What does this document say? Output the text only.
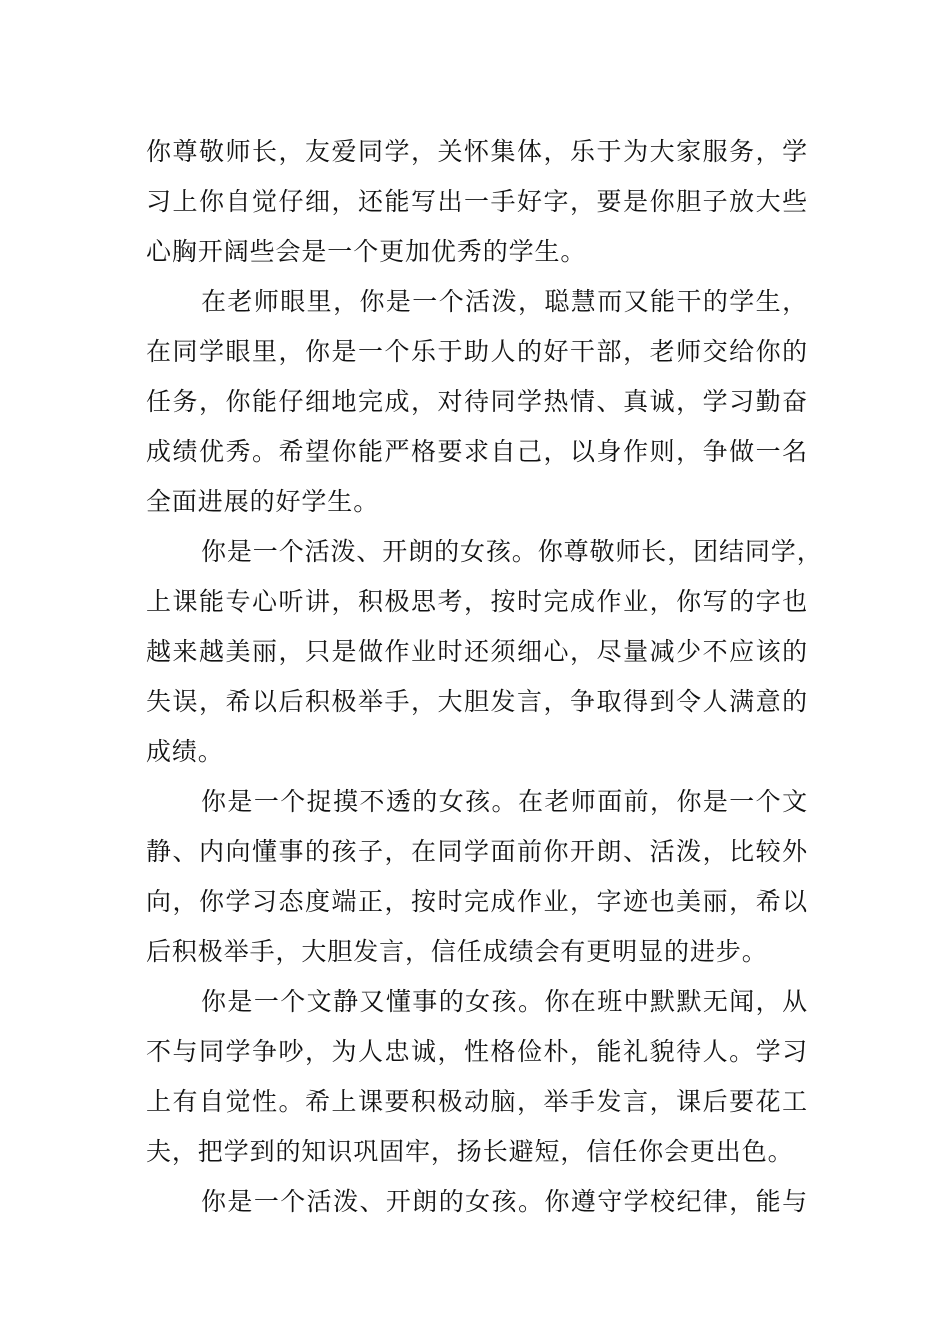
你尊敬师长，友爱同学，关怀集体，乐于为大家服务，学
习上你自觉仔细，还能写出一手好字，要是你胆子放大些
心胸开阔些会是一个更加优秀的学生。
在老师眼里，你是一个活泼，聪慧而又能干的学生，
在同学眼里，你是一个乐于助人的好干部，老师交给你的
任务，你能仔细地完成，对待同学热情、真诚，学习勤奋
成绩优秀。希望你能严格要求自己，以身作则，争做一名
全面进展的好学生。
你是一个活泼、开朗的女孩。你尊敬师长，团结同学，
上课能专心听讲，积极思考，按时完成作业，你写的字也
越来越美丽，只是做作业时还须细心，尽量减少不应该的
失误，希以后积极举手，大胆发言，争取得到令人满意的
成绩。
你是一个捉摸不透的女孩。在老师面前，你是一个文
静、内向懂事的孩子，在同学面前你开朗、活泼，比较外
向，你学习态度端正，按时完成作业，字迹也美丽，希以
后积极举手，大胆发言，信任成绩会有更明显的进步。
你是一个文静又懂事的女孩。你在班中默默无闻，从
不与同学争吵，为人忠诚，性格俭朴，能礼貌待人。学习
上有自觉性。希上课要积极动脑，举手发言，课后要花工
夫，把学到的知识巩固牢，扬长避短，信任你会更出色。
你是一个活泼、开朗的女孩。你遵守学校纪律，能与
